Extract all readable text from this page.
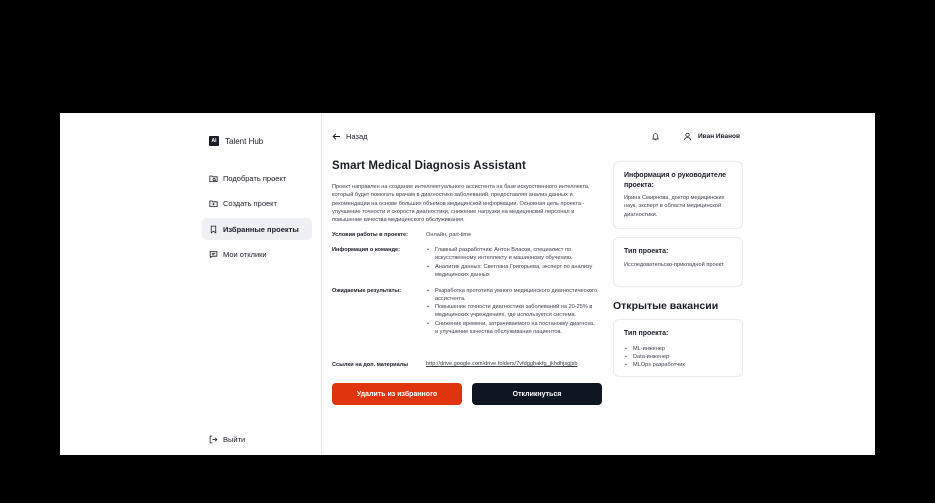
AI	Talent Hub
Подобрать проект
Создать проект
Избранные проекты
Мои отклики
Выйти
Назад	Иван Иванов
Smart Medical Diagnosis Assistant

Проект направлен на создание интеллектуального ассистента на базе искусственного интеллекта, который будет помогать врачам в диагностике заболеваний, предоставляя анализ данных и рекомендации на основе больших объемов медицинской информации. Основная цель проекта - улучшение точности и скорости диагностики, снижение нагрузки на медицинский персонал и повышение качества медицинского обслуживания.

Условия работы в проекте:	Онлайн, part-time
Информация о команде:	• Главный разработчик: Антон Власов, специалист по искусственному интеллекту и машинному обучению.
• Аналитик данных: Светлана Григорьева, эксперт по анализу медицинских данных
Ожидаемые результаты:	• Разработка прототипа умного медицинского диагностического ассистента.
• Повышение точности диагностики заболеваний на 20-25% в медицинских учреждениях, где используется система.
• Снижение времени, затрачиваемого на постановку диагноза, и улучшение качества обслуживания пациентов.
Ссылки на доп. материалы	http://drive.google.com/drive.folders/7vfdgghakfg_jkhdhjsgjsb
Удалить из избранного	Откликнуться
Информация о руководителе проекта:
Ирина Смирнова, доктор медицинских наук, эксперт в области медицинской диагностики.
Тип проекта:
Исследовательско-прикладной проект.
Открытые вакансии
Тип проекта:
• ML-инженер
• Data-инженер
• MLOps разработчик
